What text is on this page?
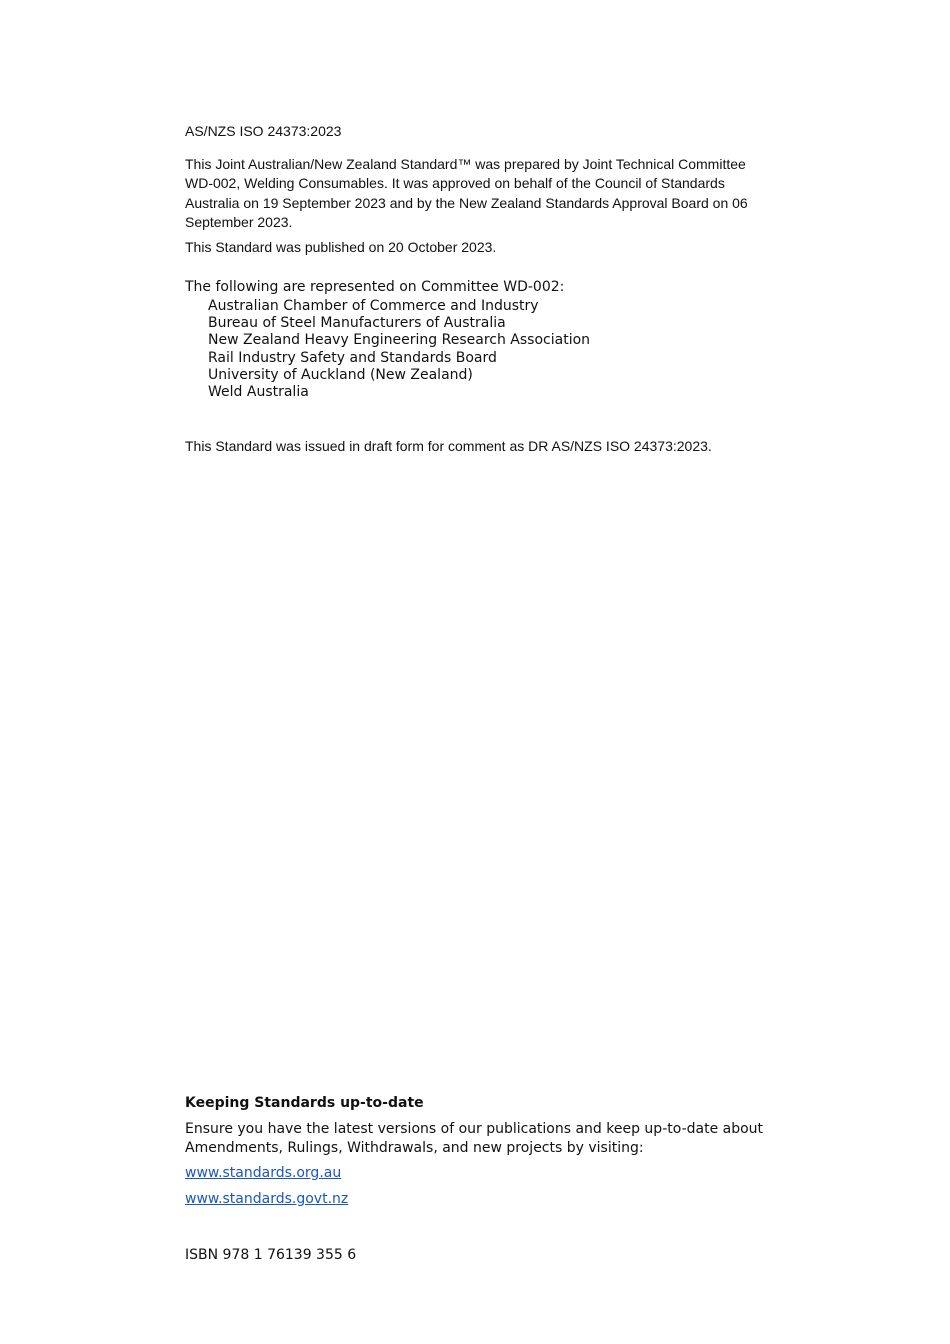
AS/NZS ISO 24373:2023
This Joint Australian/New Zealand Standard™ was prepared by Joint Technical Committee WD-002, Welding Consumables. It was approved on behalf of the Council of Standards Australia on 19 September 2023 and by the New Zealand Standards Approval Board on 06 September 2023.
This Standard was published on 20 October 2023.
The following are represented on Committee WD-002:
Australian Chamber of Commerce and Industry
Bureau of Steel Manufacturers of Australia
New Zealand Heavy Engineering Research Association
Rail Industry Safety and Standards Board
University of Auckland (New Zealand)
Weld Australia
This Standard was issued in draft form for comment as DR AS/NZS ISO 24373:2023.
Keeping Standards up-to-date
Ensure you have the latest versions of our publications and keep up-to-date about Amendments, Rulings, Withdrawals, and new projects by visiting:
www.standards.org.au
www.standards.govt.nz
ISBN 978 1 76139 355 6
